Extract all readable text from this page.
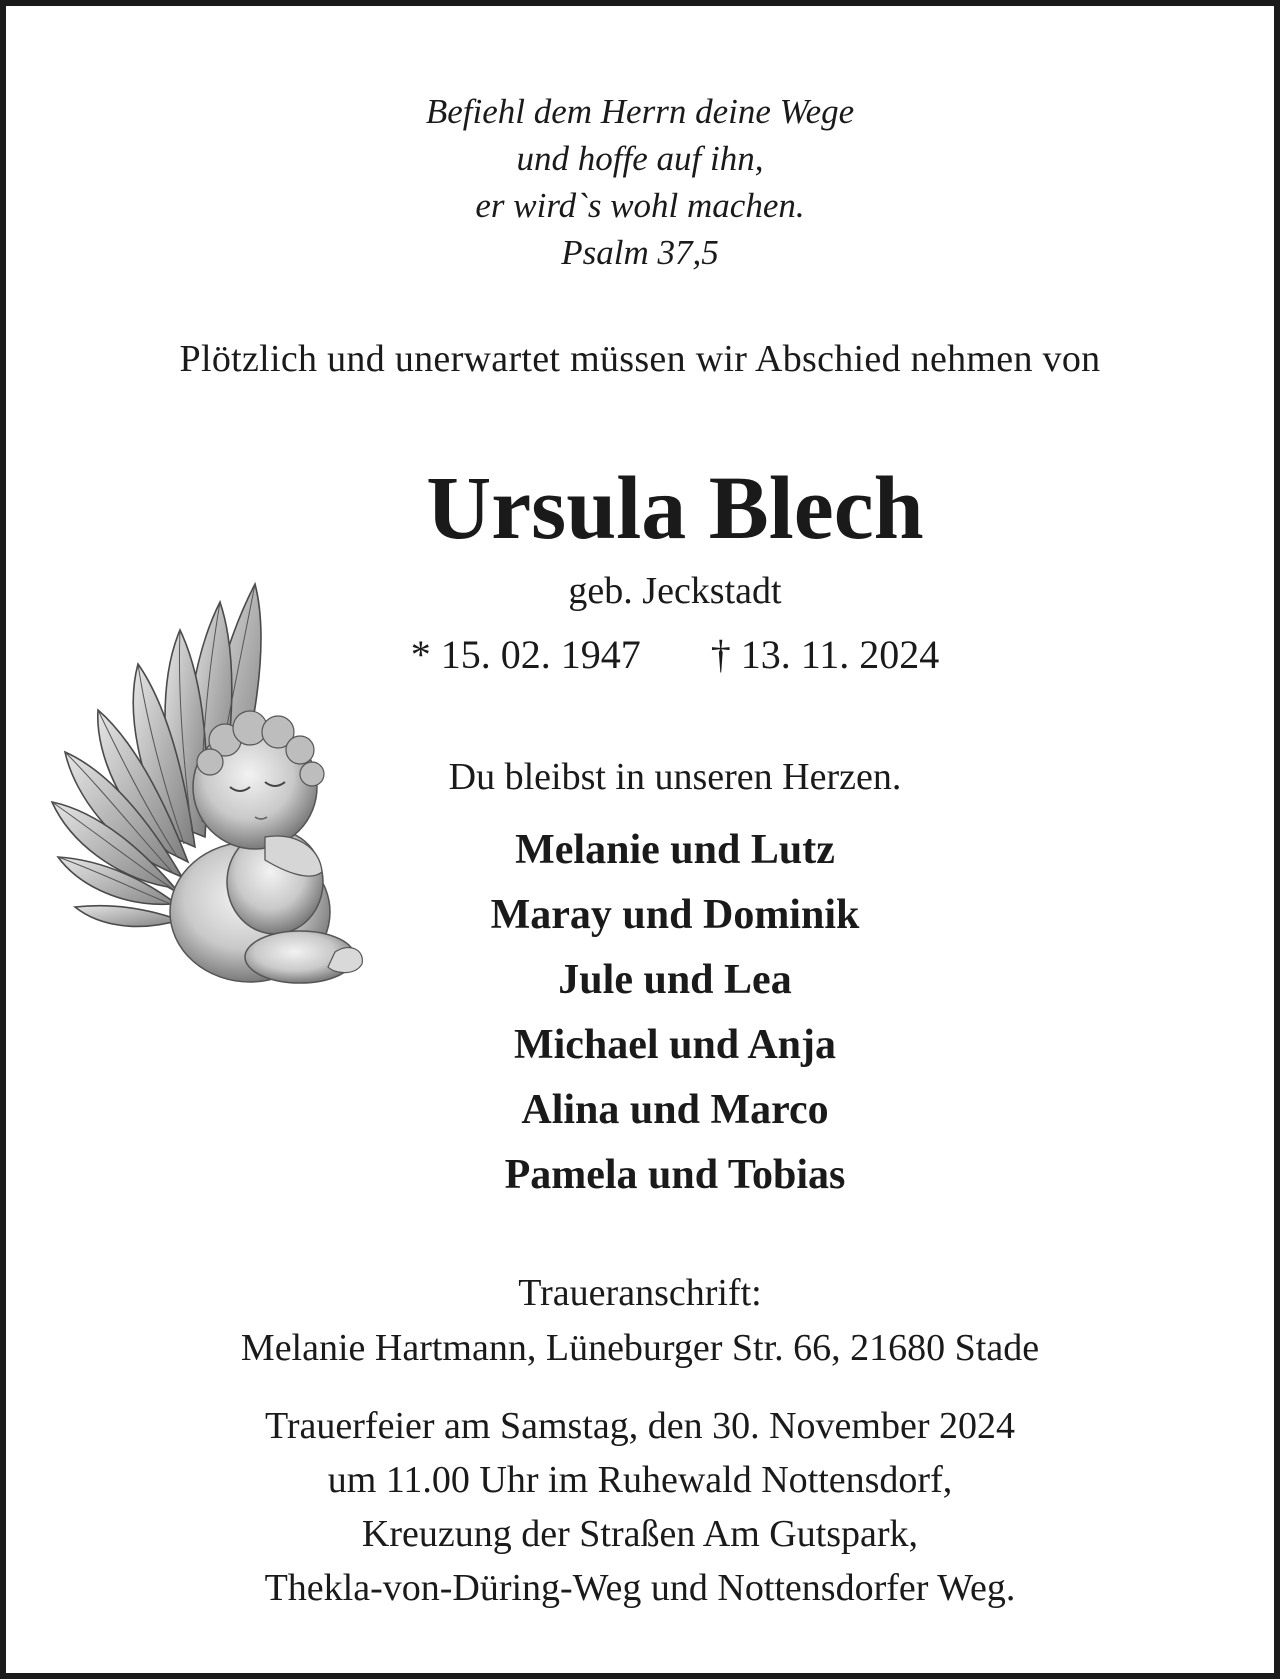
Befiehl dem Herrn deine Wege
und hoffe auf ihn,
er wird`s wohl machen.
Psalm 37,5
Plötzlich und unerwartet müssen wir Abschied nehmen von
Ursula Blech
geb. Jeckstadt
* 15. 02. 1947 † 13. 11. 2024
Du bleibst in unseren Herzen.
Melanie und Lutz
Maray und Dominik
Jule und Lea
Michael und Anja
Alina und Marco
Pamela und Tobias
Traueranschrift:
Melanie Hartmann, Lüneburger Str. 66, 21680 Stade
Trauerfeier am Samstag, den 30. November 2024
um 11.00 Uhr im Ruhewald Nottensdorf,
Kreuzung der Straßen Am Gutspark,
Thekla-von-Düring-Weg und Nottensdorfer Weg.
